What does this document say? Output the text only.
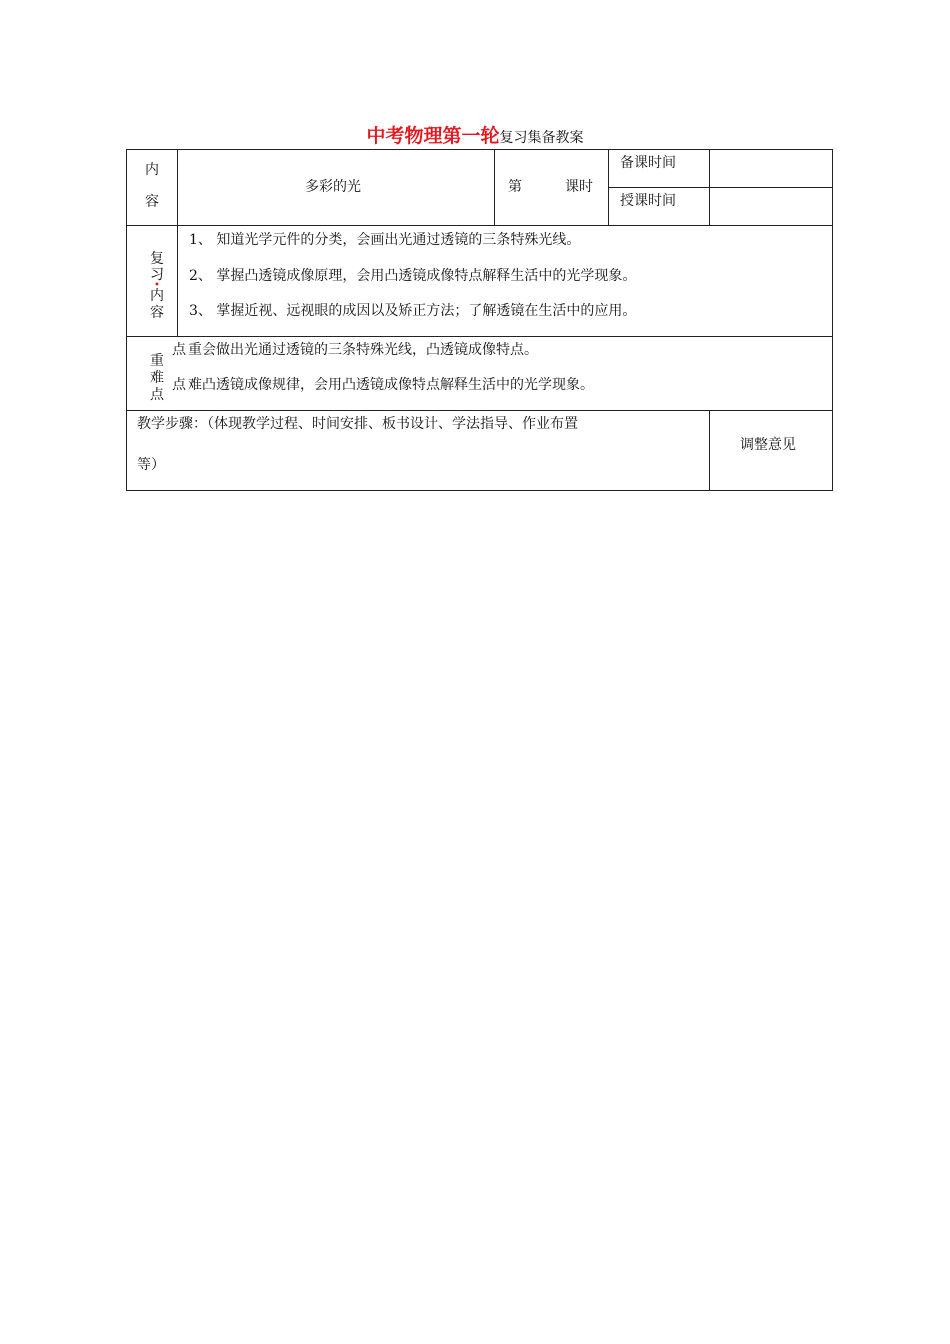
中考物理第一轮复习集备教案
内
容
多彩的光	第	课时
备课时间
授课时间
复
习
•
内
容
1、 知道光学元件的分类，会画出光通过透镜的三条特殊光线。
2、 掌握凸透镜成像原理，会用凸透镜成像特点解释生活中的光学现象。
3、 掌握近视、远视眼的成因以及矫正方法；了解透镜在生活中的应用。
重
难
点
点 重会做出光通过透镜的三条特殊光线，凸透镜成像特点。
点 难凸透镜成像规律，会用凸透镜成像特点解释生活中的光学现象。
教学步骤：（体现教学过程、时间安排、板书设计、学法指导、作业布置
等）
调整意见
